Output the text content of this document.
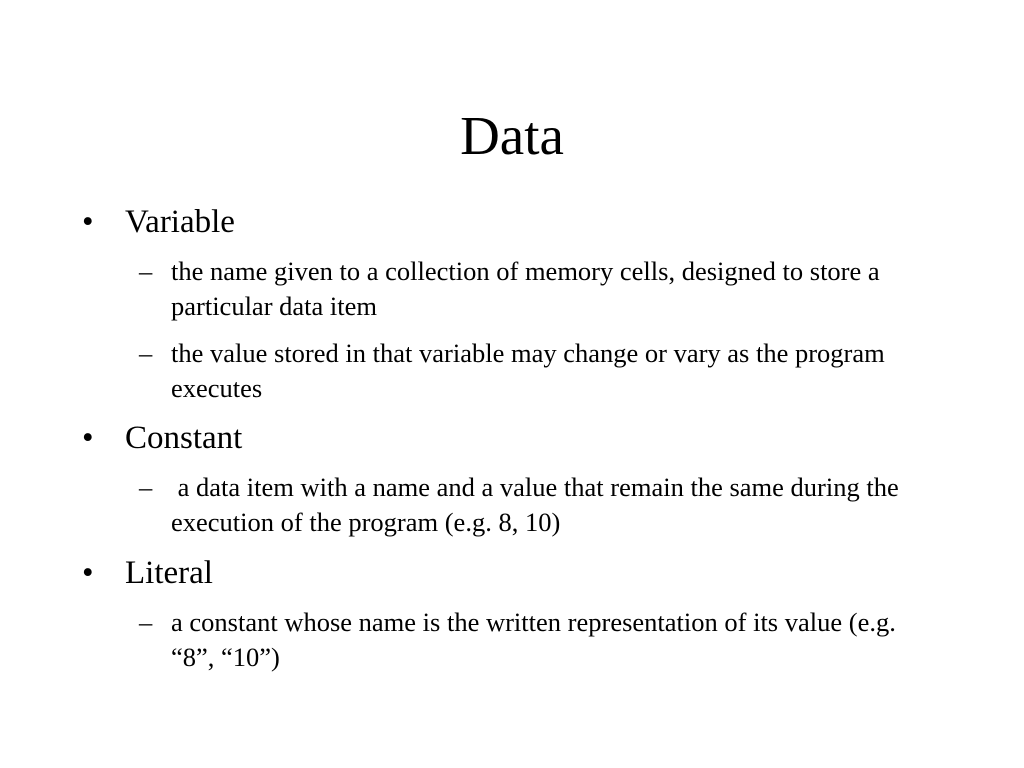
Data
• Variable
– the name given to a collection of memory cells, designed to store a particular data item
– the value stored in that variable may change or vary as the program executes
• Constant
– a data item with a name and a value that remain the same during the execution of the program (e.g. 8, 10)
• Literal
– a constant whose name is the written representation of its value (e.g. “8”, “10”)
